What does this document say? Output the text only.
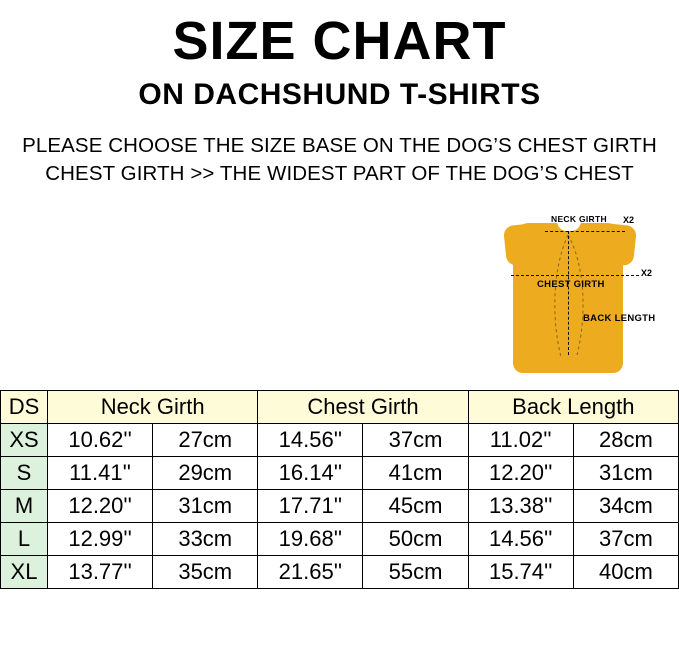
SIZE CHART
ON DACHSHUND T-SHIRTS
PLEASE CHOOSE THE SIZE BASE ON THE DOG’S CHEST GIRTH
CHEST GIRTH >> THE WIDEST PART OF THE DOG’S CHEST
NECK GIRTH X2
CHEST GIRTH
X2
BACK LENGTH
DS	Neck Girth		Chest Girth		Back Length	
XS	10.62''	27cm	14.56''	37cm	11.02''	28cm
S	11.41''	29cm	16.14''	41cm	12.20''	31cm
M	12.20''	31cm	17.71''	45cm	13.38''	34cm
L	12.99''	33cm	19.68''	50cm	14.56''	37cm
XL	13.77''	35cm	21.65''	55cm	15.74''	40cm
